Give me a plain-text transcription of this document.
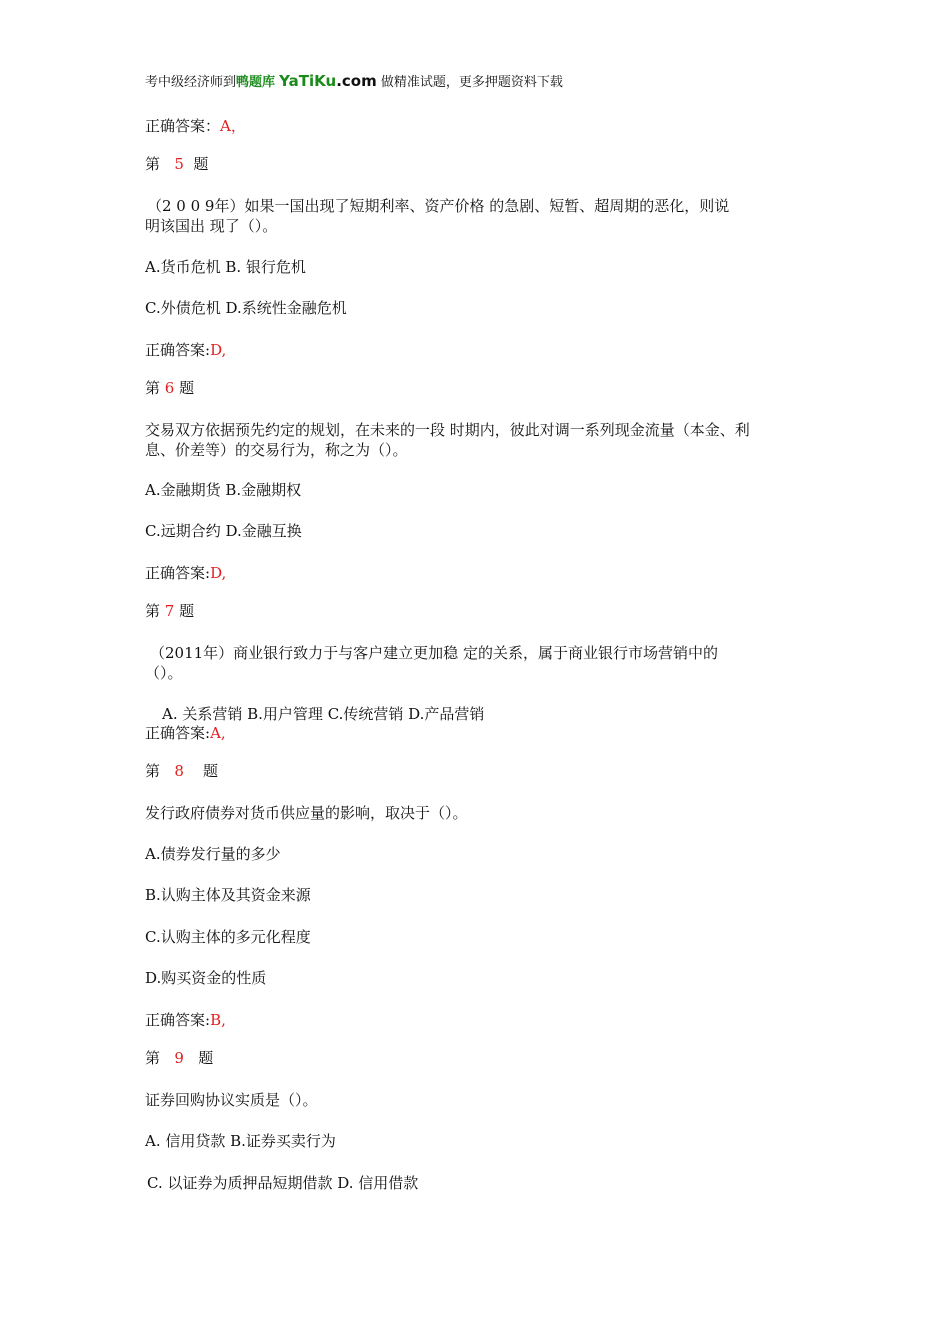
考中级经济师到鸭题库 YaTiKu.com 做精准试题，更多押题资料下载
正确答案：A，
第 5 题
（2 0 0 9年）如果一国出现了短期利率、资产价格 的急剧、短暂、超周期的恶化，则说
明该国出 现了（）。
A.货币危机 B. 银行危机
C.外债危机 D.系统性金融危机
正确答案:D,
第 6 题
交易双方依据预先约定的规划，在未来的一段 时期内，彼此对调一系列现金流量（本金、利
息、价差等）的交易行为，称之为（）。
A.金融期货 B.金融期权
C.远期合约 D.金融互换
正确答案:D,
第 7 题
（2011年）商业银行致力于与客户建立更加稳 定的关系，属于商业银行市场营销中的
（）。
A. 关系营销 B.用户管理 C.传统营销 D.产品营销
正确答案:A,
第 8 题
发行政府债券对货币供应量的影响，取决于（）。
A.债券发行量的多少
B.认购主体及其资金来源
C.认购主体的多元化程度
D.购买资金的性质
正确答案:B,
第 9 题
证券回购协议实质是（）。
A. 信用贷款 B.证券买卖行为
C. 以证券为质押品短期借款 D. 信用借款
